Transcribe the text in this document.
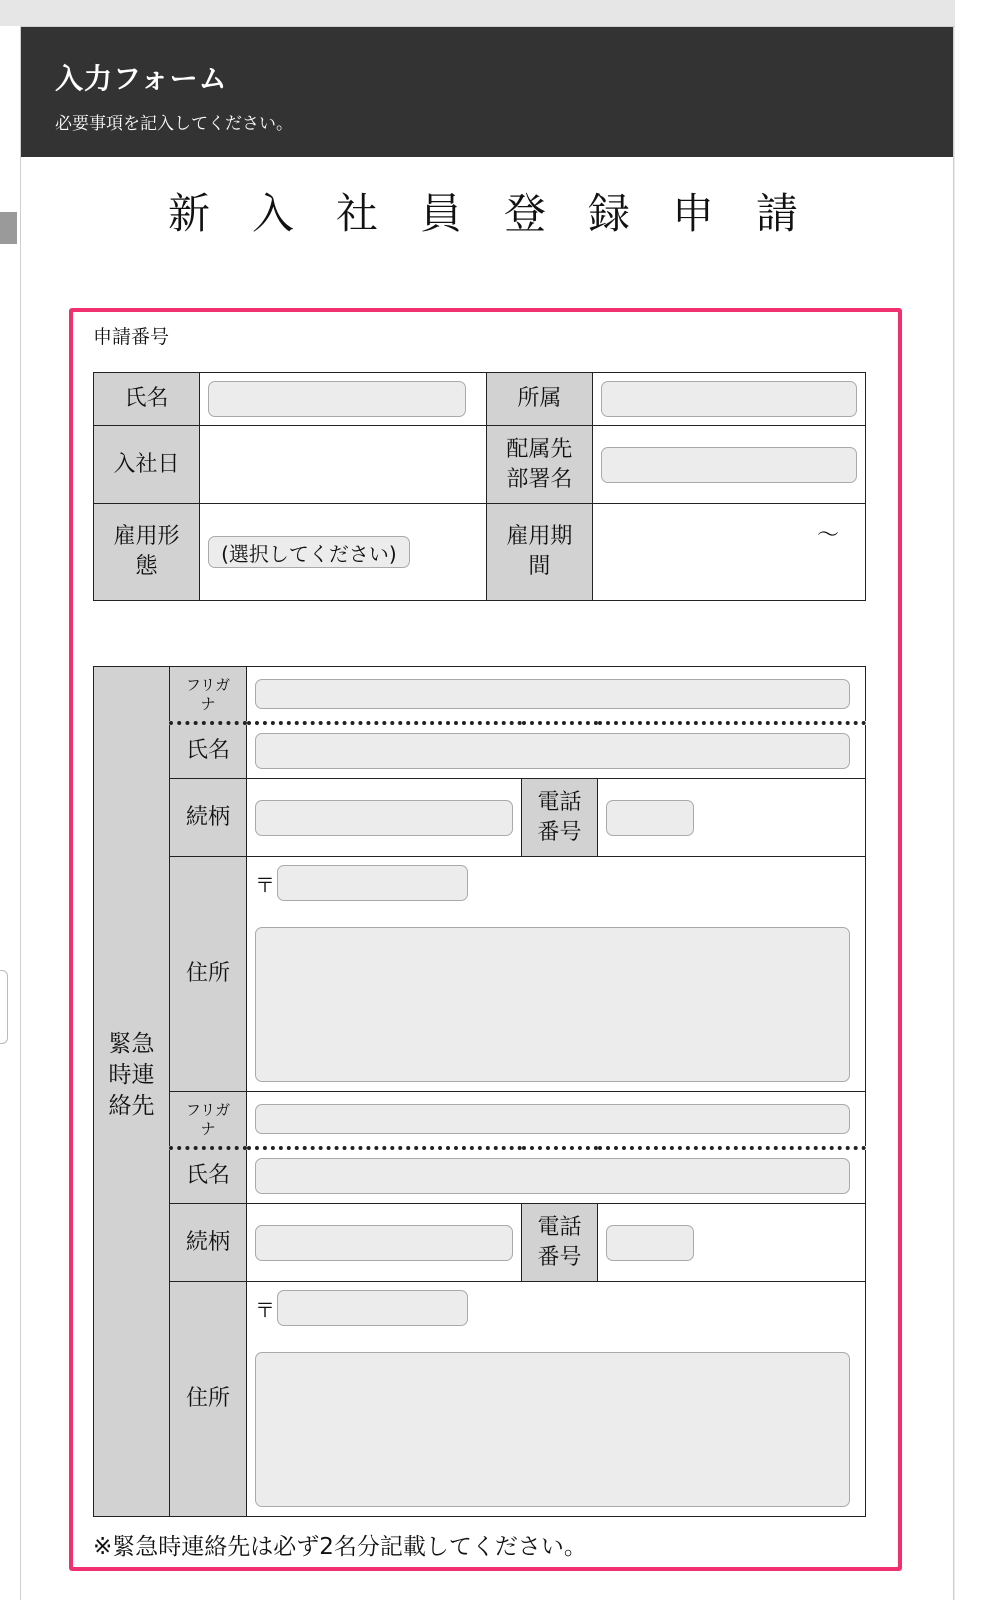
入力フォーム
必要事項を記入してください。
新入社員登録申請
申請番号
氏名		所属	

入社日		配属先
部署名	

雇用形
態	(選択してください)	雇用期
間	〜
緊急
時連
絡先	フリガ
ナ			

	氏名			

	続柄		電話
番号	

	住所	〒		

	フリガ
ナ			

	氏名			

	続柄		電話
番号	

	住所	〒		
※緊急時連絡先は必ず2名分記載してください。
